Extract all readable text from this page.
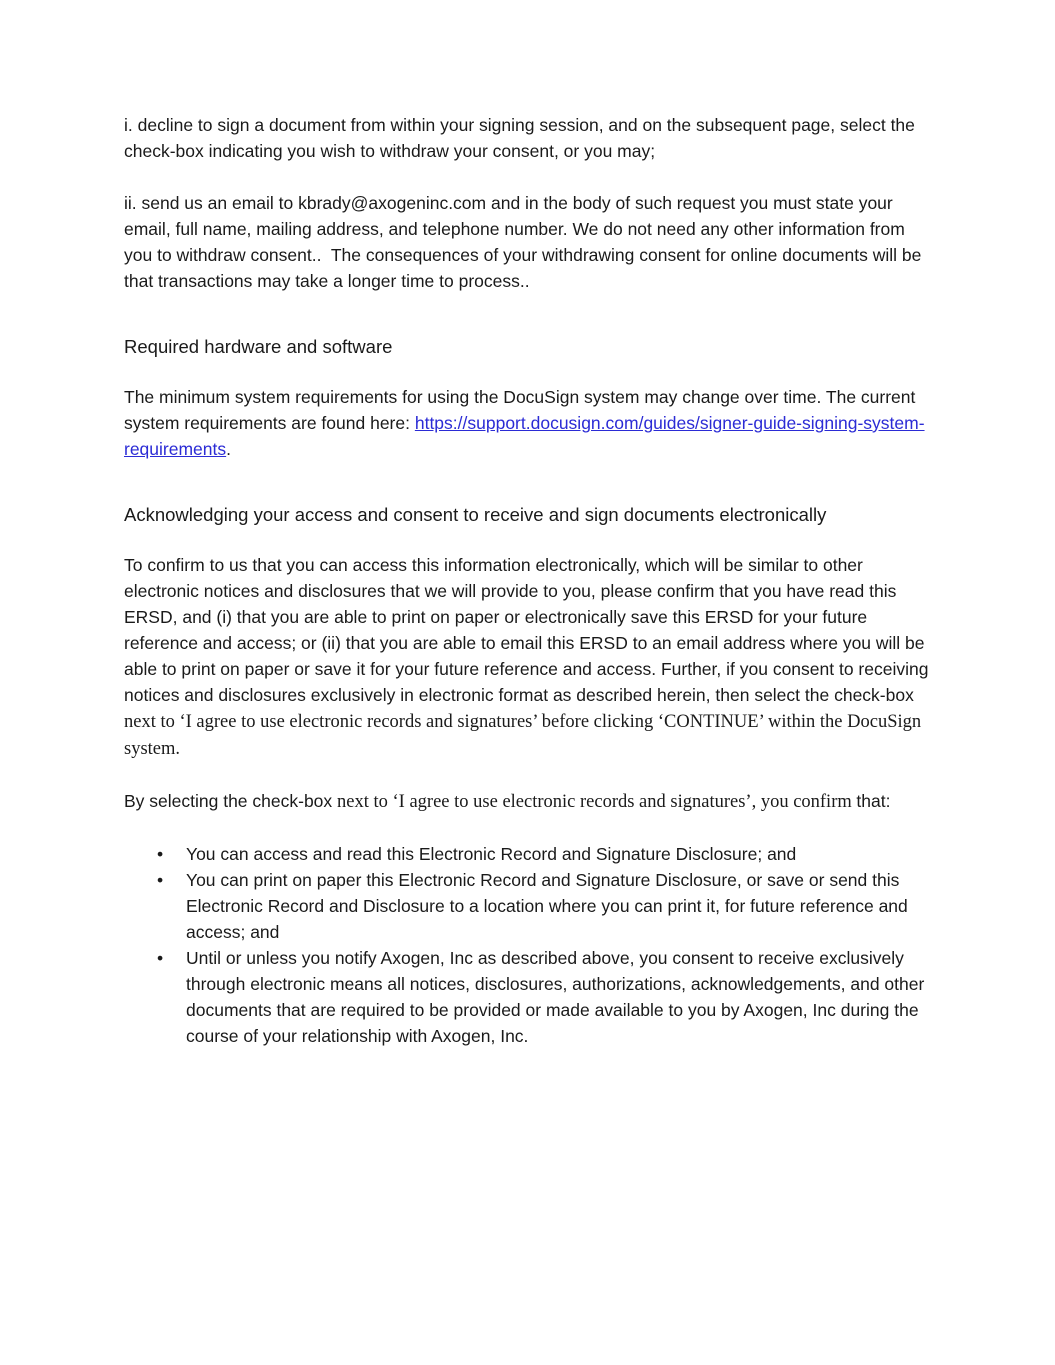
i. decline to sign a document from within your signing session, and on the subsequent page, select the check-box indicating you wish to withdraw your consent, or you may;

ii. send us an email to kbrady@axogeninc.com and in the body of such request you must state your email, full name, mailing address, and telephone number. We do not need any other information from you to withdraw consent..  The consequences of your withdrawing consent for online documents will be that transactions may take a longer time to process..

Required hardware and software

The minimum system requirements for using the DocuSign system may change over time. The current system requirements are found here: https://support.docusign.com/guides/signer-guide-signing-system-requirements.

Acknowledging your access and consent to receive and sign documents electronically

To confirm to us that you can access this information electronically, which will be similar to other electronic notices and disclosures that we will provide to you, please confirm that you have read this ERSD, and (i) that you are able to print on paper or electronically save this ERSD for your future reference and access; or (ii) that you are able to email this ERSD to an email address where you will be able to print on paper or save it for your future reference and access. Further, if you consent to receiving notices and disclosures exclusively in electronic format as described herein, then select the check-box next to ‘I agree to use electronic records and signatures’ before clicking ‘CONTINUE’ within the DocuSign system.

By selecting the check-box next to ‘I agree to use electronic records and signatures’, you confirm that:

• You can access and read this Electronic Record and Signature Disclosure; and
• You can print on paper this Electronic Record and Signature Disclosure, or save or send this Electronic Record and Disclosure to a location where you can print it, for future reference and access; and
• Until or unless you notify Axogen, Inc as described above, you consent to receive exclusively through electronic means all notices, disclosures, authorizations, acknowledgements, and other documents that are required to be provided or made available to you by Axogen, Inc during the course of your relationship with Axogen, Inc.
